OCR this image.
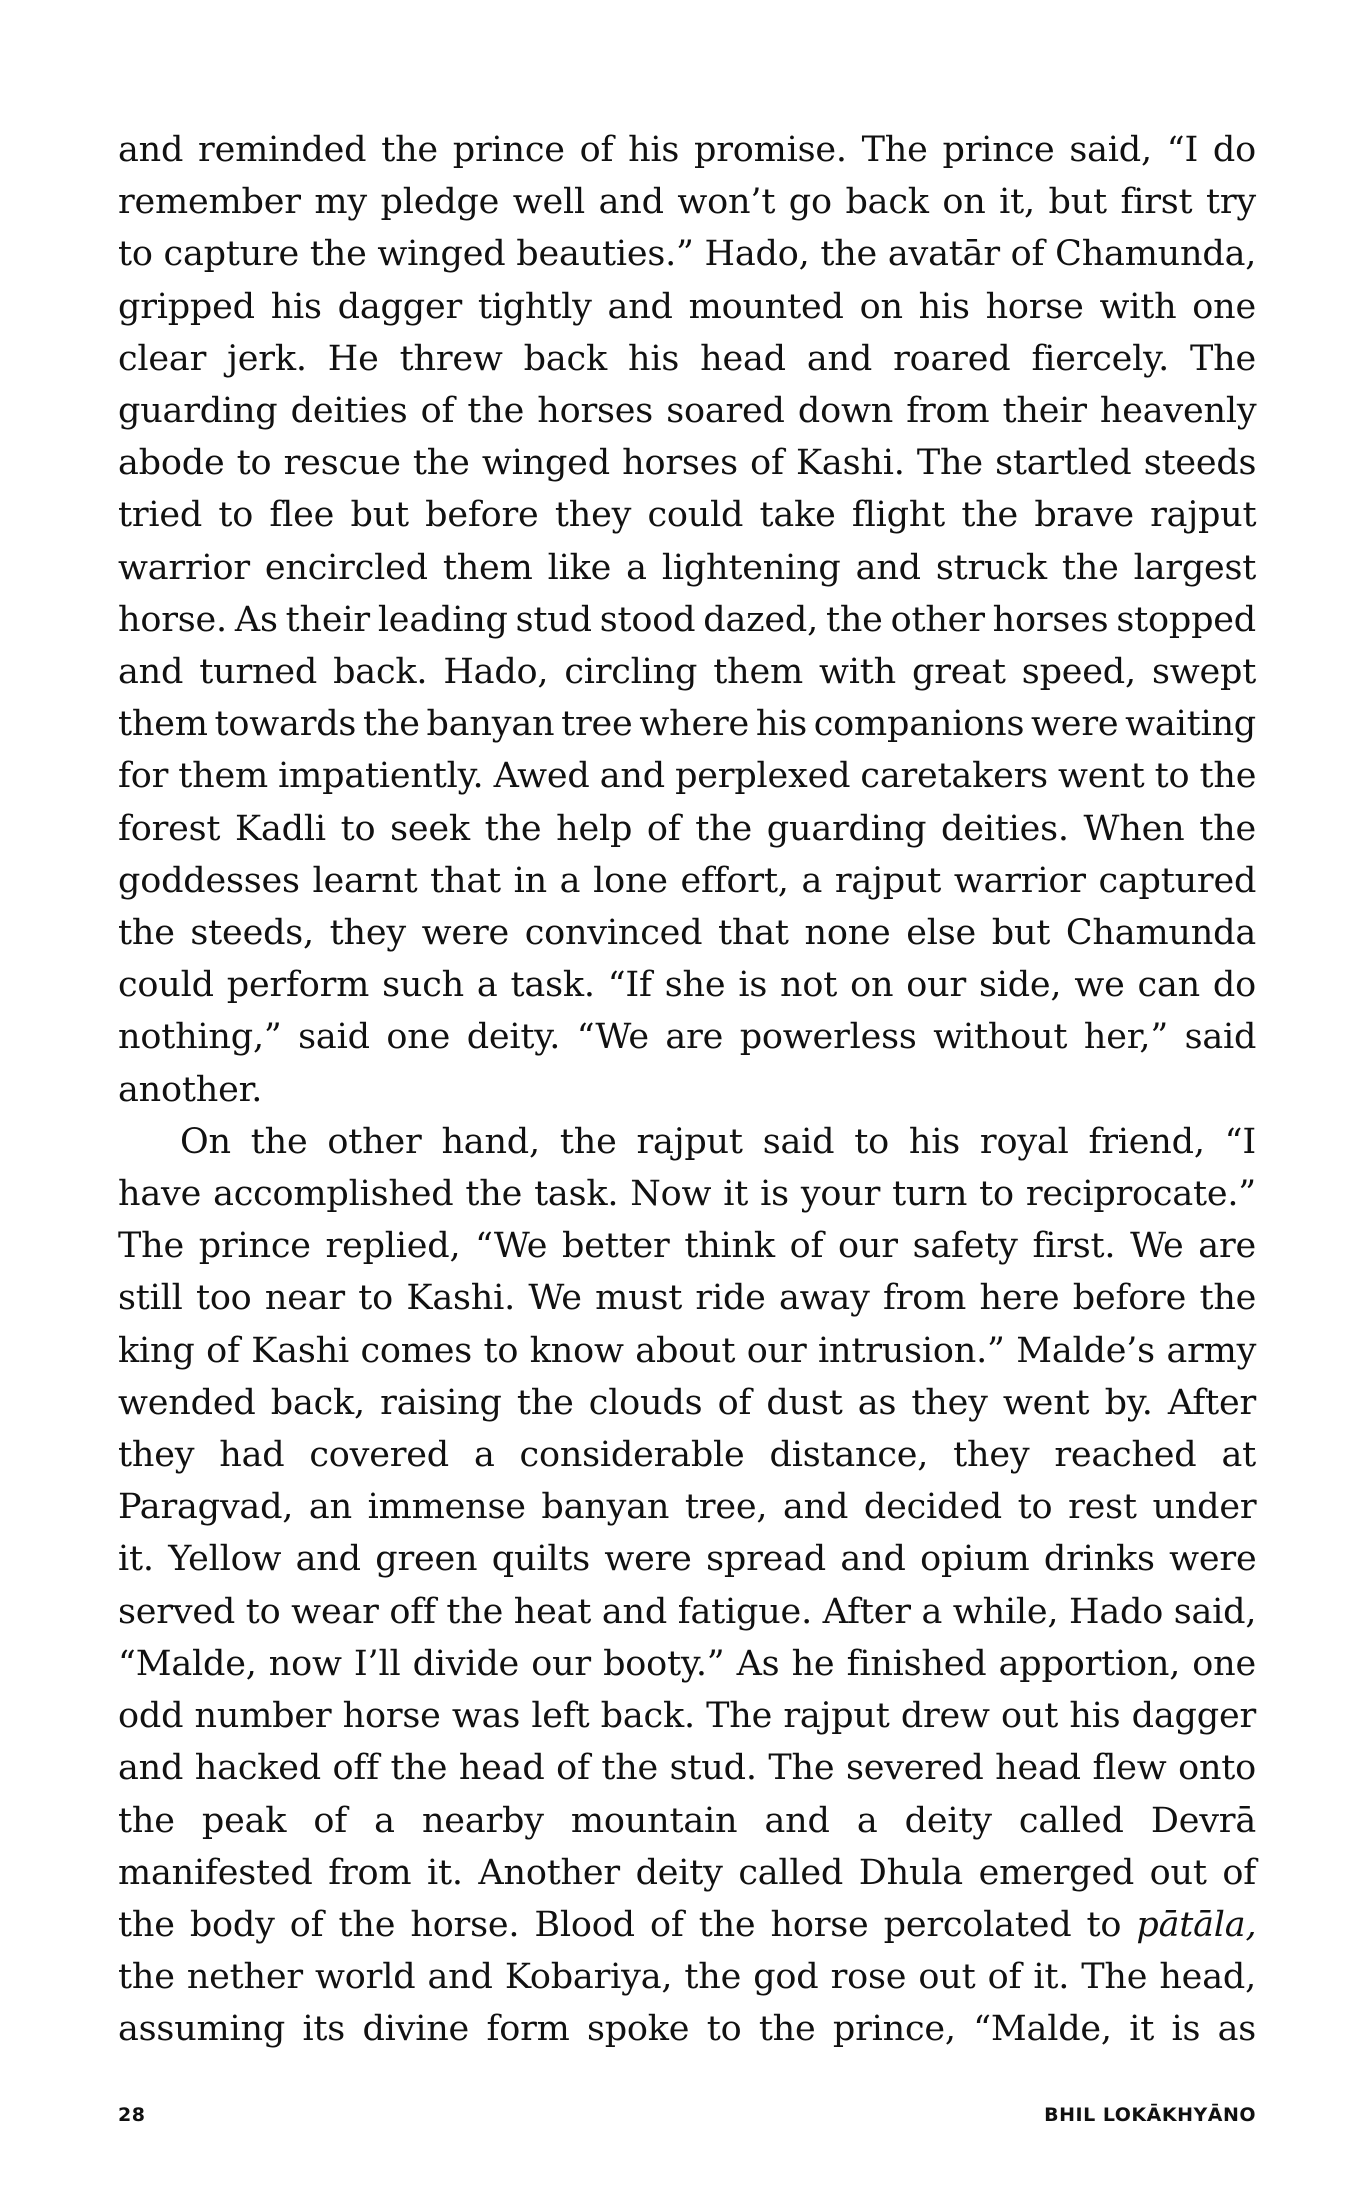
and reminded the prince of his promise. The prince said, “I do
remember my pledge well and won’t go back on it, but first try
to capture the winged beauties.” Hado, the avatār of Chamunda,
gripped his dagger tightly and mounted on his horse with one
clear jerk. He threw back his head and roared fiercely. The
guarding deities of the horses soared down from their heavenly
abode to rescue the winged horses of Kashi. The startled steeds
tried to flee but before they could take flight the brave rajput
warrior encircled them like a lightening and struck the largest
horse. As their leading stud stood dazed, the other horses stopped
and turned back. Hado, circling them with great speed, swept
them towards the banyan tree where his companions were waiting
for them impatiently. Awed and perplexed caretakers went to the
forest Kadli to seek the help of the guarding deities. When the
goddesses learnt that in a lone effort, a rajput warrior captured
the steeds, they were convinced that none else but Chamunda
could perform such a task. “If she is not on our side, we can do
nothing,” said one deity. “We are powerless without her,” said
another.
On the other hand, the rajput said to his royal friend, “I
have accomplished the task. Now it is your turn to reciprocate.”
The prince replied, “We better think of our safety first. We are
still too near to Kashi. We must ride away from here before the
king of Kashi comes to know about our intrusion.” Malde’s army
wended back, raising the clouds of dust as they went by. After
they had covered a considerable distance, they reached at
Paragvad, an immense banyan tree, and decided to rest under
it. Yellow and green quilts were spread and opium drinks were
served to wear off the heat and fatigue. After a while, Hado said,
“Malde, now I’ll divide our booty.” As he finished apportion, one
odd number horse was left back. The rajput drew out his dagger
and hacked off the head of the stud. The severed head flew onto
the peak of a nearby mountain and a deity called Devrā
manifested from it. Another deity called Dhula emerged out of
the body of the horse. Blood of the horse percolated to pātāla,
the nether world and Kobariya, the god rose out of it. The head,
assuming its divine form spoke to the prince, “Malde, it is as
28	BHIL LOKĀKHYĀNO
